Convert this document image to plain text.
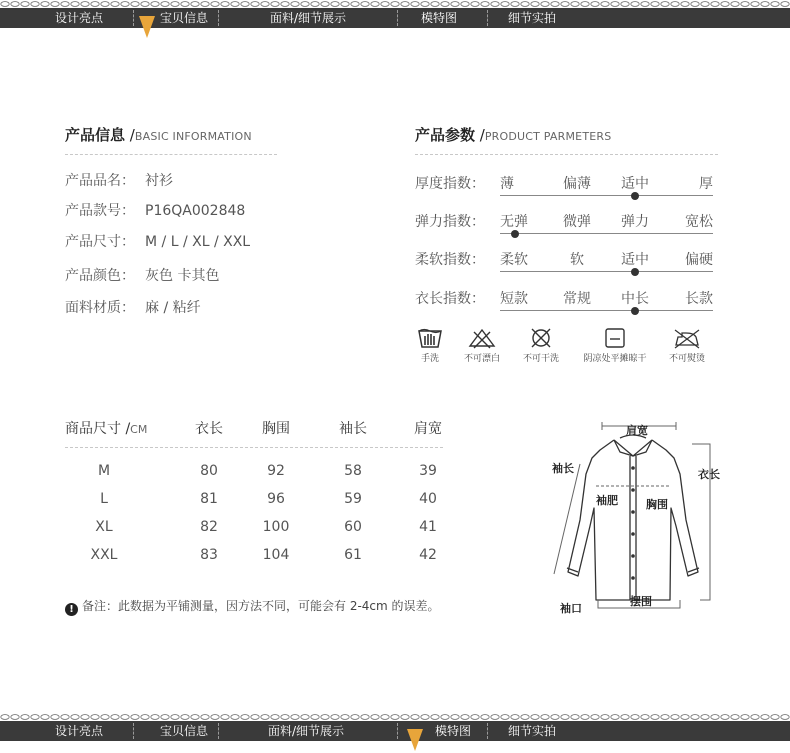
设计亮点	宝贝信息	面料/细节展示	模特图	细节实拍
产品信息 /BASIC INFORMATION
产品品名： 衬衫
产品款号： P16QA002848
产品尺寸： M / L / XL / XXL
产品颜色： 灰色 卡其色
面料材质： 麻 / 粘纤
产品参数 /PRODUCT PARMETERS
厚度指数： 薄	偏薄 适中	厚
弹力指数： 无弹	微弹 弹力	宽松
柔软指数： 柔软	软	适中	偏硬
衣长指数： 短款	常规 中长	长款
手洗	不可漂白	不可干洗	阴凉处平摊晾干	不可熨烫
商品尺寸 /CM	衣长	胸围	袖长	肩宽
M	80	92	58	39
L	81	96	59	40
XL	82	100	60	41
XXL	83	104	61	42
! 备注：此数据为平铺测量，因方法不同，可能会有 2-4cm 的误差。
肩宽
袖长	衣长
袖肥	胸围
袖口
摆围
设计亮点	宝贝信息	面料/细节展示	模特图	细节实拍
